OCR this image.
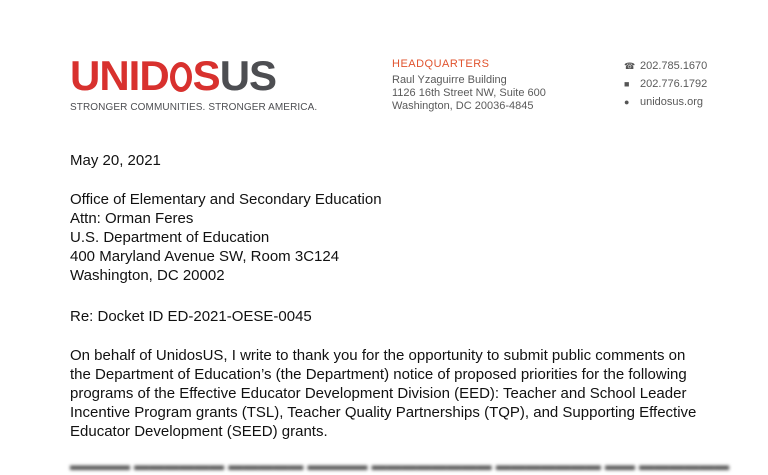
UNID SUS
STRONGER COMMUNITIES. STRONGER AMERICA.
HEADQUARTERS
Raul Yzaguirre Building
1126 16th Street NW, Suite 600
Washington, DC 20036-4845
☎ 202.785.1670
■ 202.776.1792
● unidosus.org
May 20, 2021

Office of Elementary and Secondary Education

Attn: Orman Feres

U.S. Department of Education

400 Maryland Avenue SW, Room 3C124

Washington, DC 20002

Re: Docket ID ED-2021-OESE-0045

On behalf of UnidosUS, I write to thank you for the opportunity to submit public comments on

the Department of Education’s (the Department) notice of proposed priorities for the following

programs of the Effective Educator Development Division (EED): Teacher and School Leader

Incentive Program grants (TSL), Teacher Quality Partnerships (TQP), and Supporting Effective

Educator Development (SEED) grants.

▬▬▬▬ ▬▬▬▬▬▬ ▬▬▬▬▬ ▬▬▬▬ ▬▬▬▬▬▬▬▬ ▬▬▬▬▬▬▬ ▬▬ ▬▬▬▬▬▬
